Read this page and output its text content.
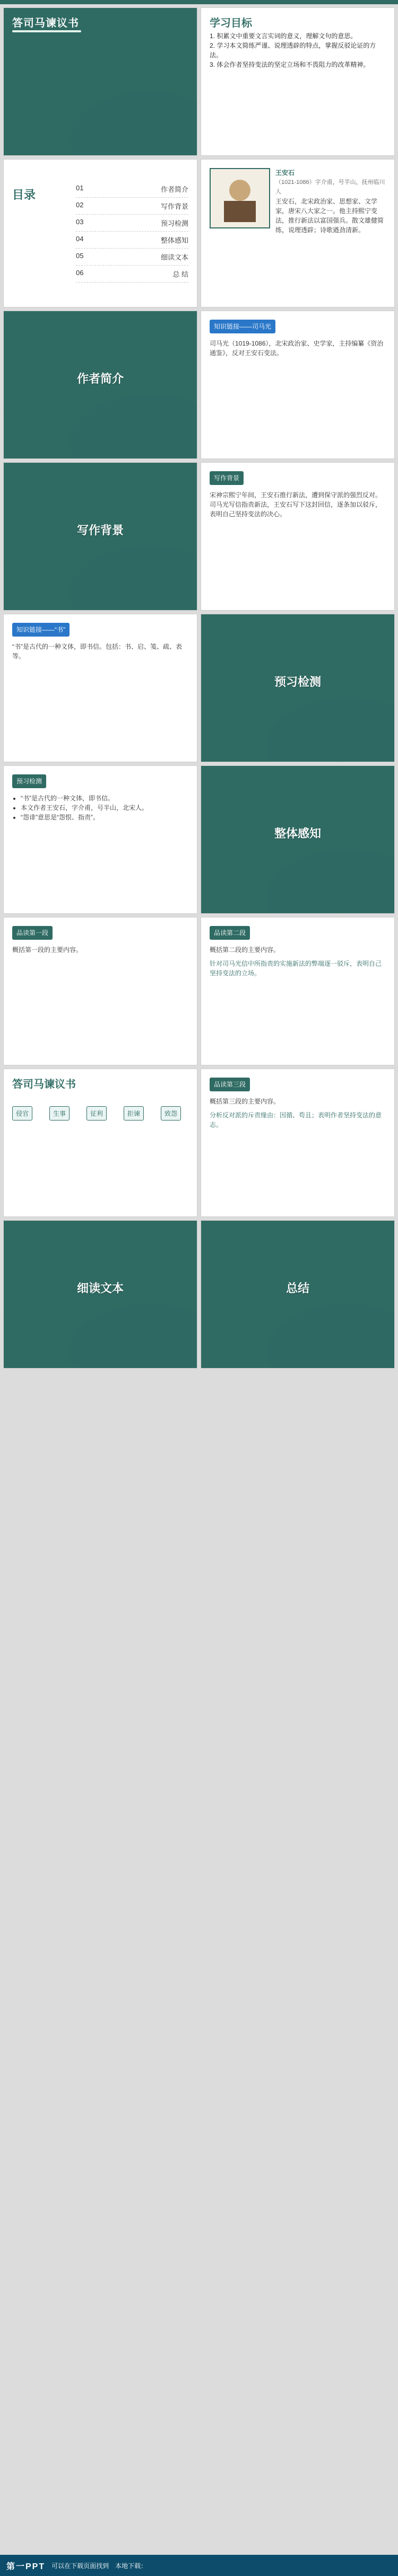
答司马谏议书	学习目标
1. 积累文中重要文言实词的意义，理解文句的意思。
2. 学习本文简练严谨、说理透辟的特点，掌握反驳论证的方法。
3. 体会作者坚持变法的坚定立场和不畏阻力的改革精神。
目录
01	作者简介
02	写作背景
03	预习检测
04	整体感知
05	细读文本
06	总 结
王安石
（1021-1086）字介甫，号半山，抚州临川人
王安石，北宋政治家、思想家、文学家，唐宋八大家之一。他主持熙宁变法，推行新法以富国强兵。散文雄健简练，说理透辟；诗歌遒劲清新。
作者简介
知识链接——司马光
司马光（1019-1086），北宋政治家、史学家，主持编纂《资治通鉴》，反对王安石变法。
写作背景
写作背景
宋神宗熙宁年间，王安石推行新法，遭到保守派的强烈反对。司马光写信指责新法，王安石写下这封回信，逐条加以驳斥，表明自己坚持变法的决心。
知识链接——“书”
“书”是古代的一种文体，即书信。包括：书、启、笺、疏、表等。
预习检测
预习检测
• “书”是古代的一种文体，即书信。
• 本文作者王安石，字介甫，号半山，北宋人。
• “怨诽”意思是“怨恨、指责”。
整体感知
品读第一段
概括第一段的主要内容。
品读第二段
概括第二段的主要内容。
针对司马光信中所指责的实施新法的弊端逐一驳斥，表明自己坚持变法的立场。
答司马谏议书
侵官	生事	征利	拒谏	致怨
品读第三段
概括第三段的主要内容。
分析反对派的斥责缘由：因循、苟且；表明作者坚持变法的意志。
细读文本	总结
第一PPT 可以在下载页面找到 本地下载：
